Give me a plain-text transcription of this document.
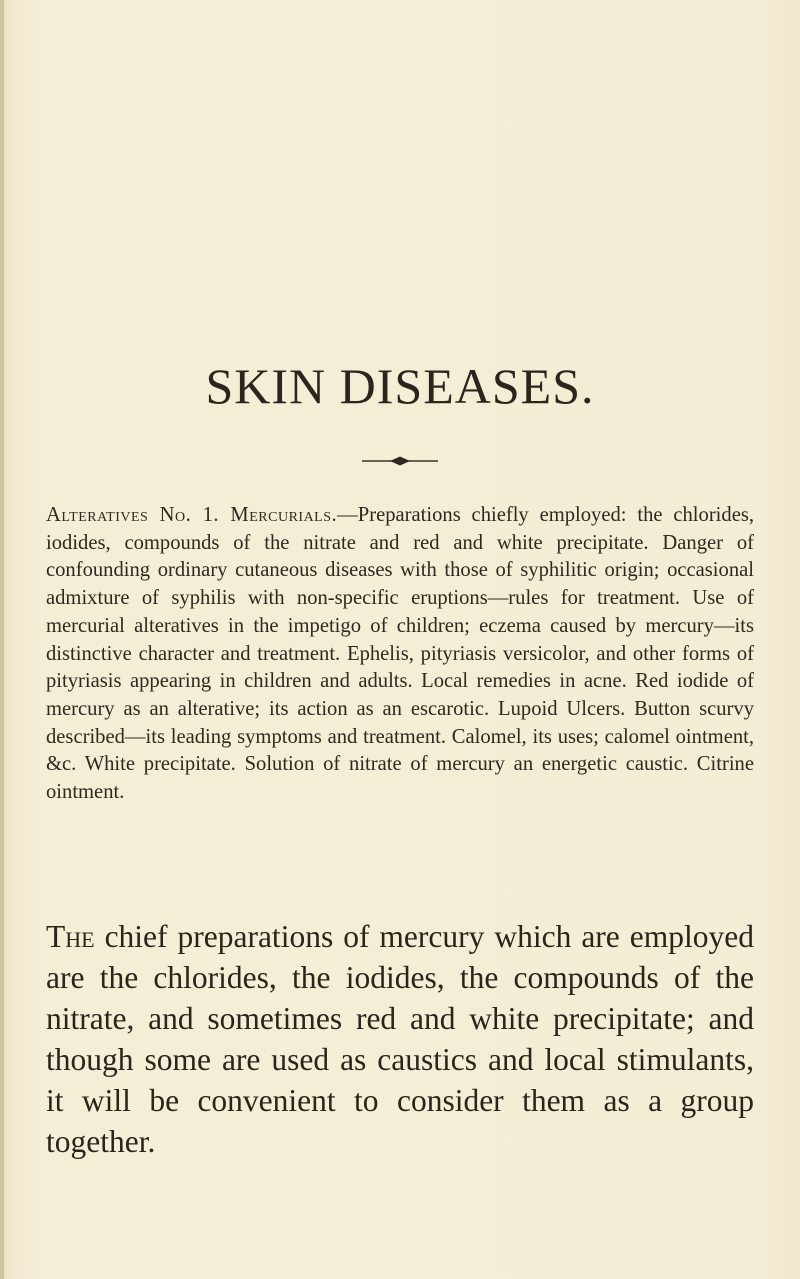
SKIN DISEASES.

Alteratives No. 1. Mercurials.—Preparations chiefly employed: the chlorides, iodides, compounds of the nitrate and red and white precipitate. Danger of confounding ordinary cutaneous diseases with those of syphilitic origin; occasional admixture of syphilis with non-specific eruptions—rules for treatment. Use of mercurial alteratives in the impetigo of children; eczema caused by mercury—its distinctive character and treatment. Ephelis, pityriasis versicolor, and other forms of pityriasis appearing in children and adults. Local remedies in acne. Red iodide of mercury as an alterative; its action as an escarotic. Lupoid Ulcers. Button scurvy described—its leading symptoms and treatment. Calomel, its uses; calomel ointment, &c. White precipitate. Solution of nitrate of mercury an energetic caustic. Citrine ointment.

The chief preparations of mercury which are employed are the chlorides, the iodides, the compounds of the nitrate, and sometimes red and white precipitate; and though some are used as caustics and local stimulants, it will be convenient to consider them as a group together.
